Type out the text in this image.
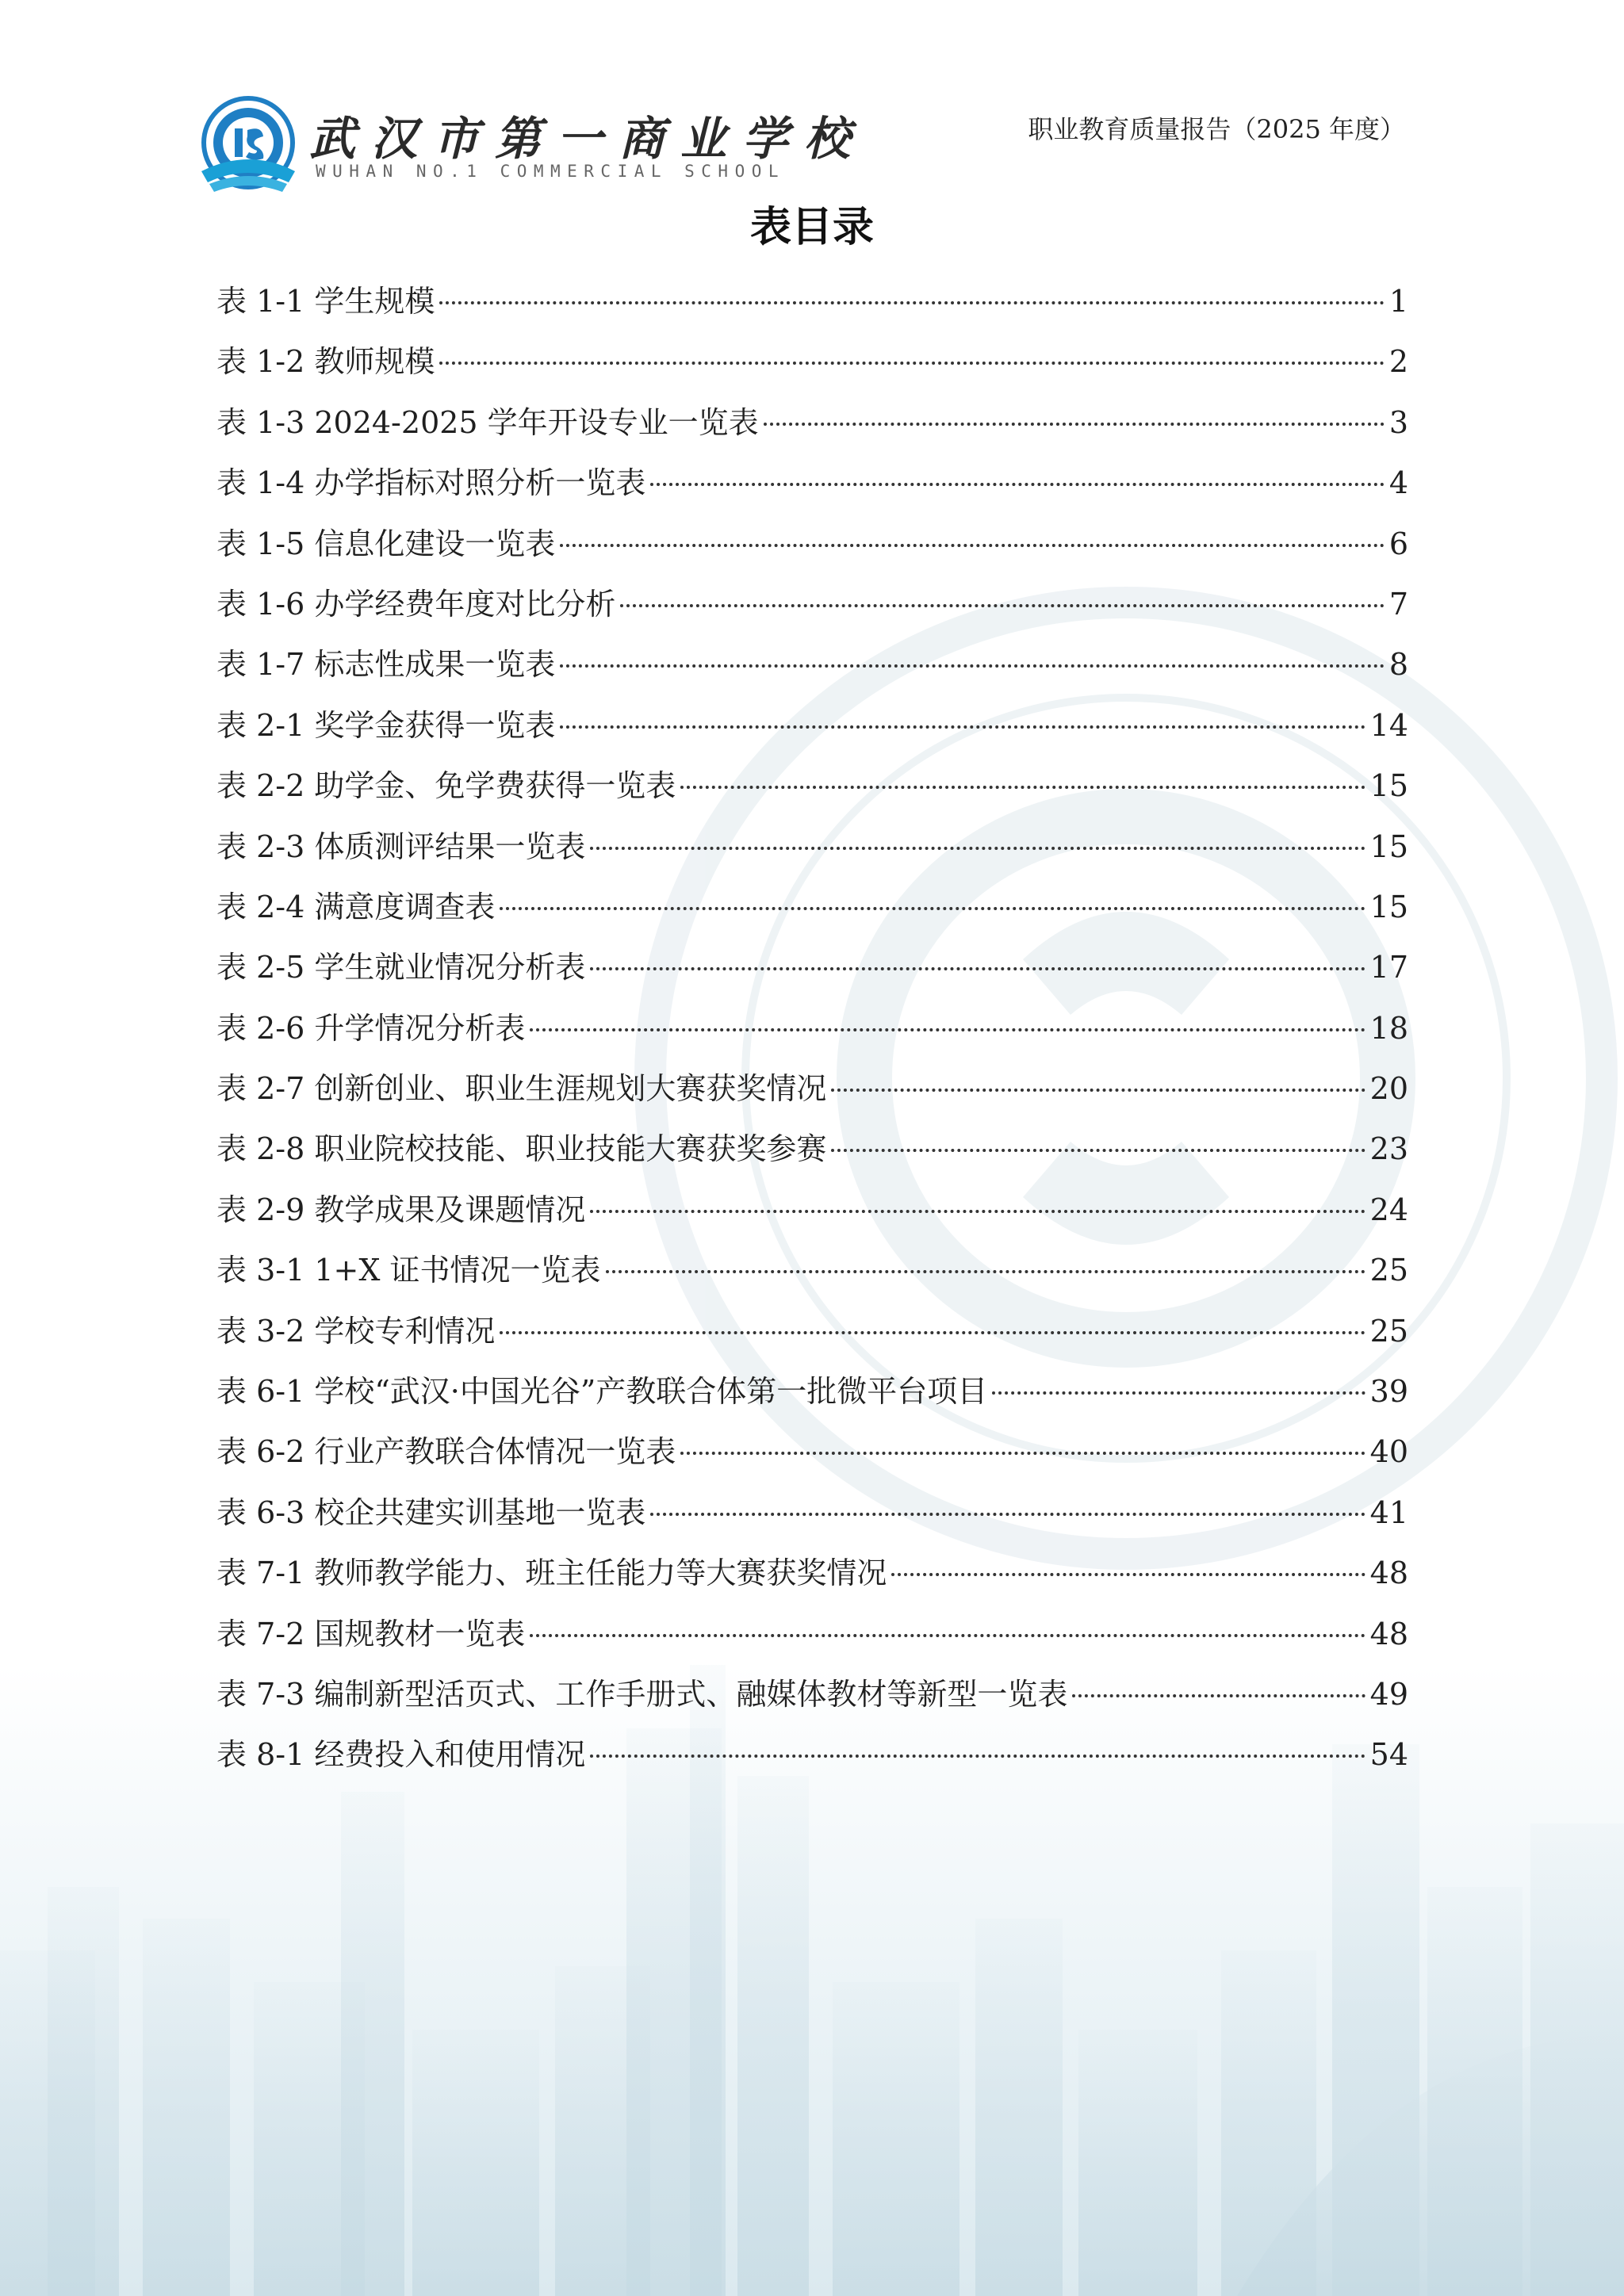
武汉市第一商业学校
WUHAN NO.1 COMMERCIAL SCHOOL
职业教育质量报告（2025 年度）
表目录
表 1-1 学生规模	1
表 1-2 教师规模	2
表 1-3 2024-2025 学年开设专业一览表	3
表 1-4 办学指标对照分析一览表	4
表 1-5 信息化建设一览表	6
表 1-6 办学经费年度对比分析	7
表 1-7 标志性成果一览表	8
表 2-1 奖学金获得一览表	14
表 2-2 助学金、免学费获得一览表	15
表 2-3 体质测评结果一览表	15
表 2-4 满意度调查表	15
表 2-5 学生就业情况分析表	17
表 2-6 升学情况分析表	18
表 2-7 创新创业、职业生涯规划大赛获奖情况	20
表 2-8 职业院校技能、职业技能大赛获奖参赛	23
表 2-9 教学成果及课题情况	24
表 3-1 1+X 证书情况一览表	25
表 3-2 学校专利情况	25
表 6-1 学校“武汉·中国光谷”产教联合体第一批微平台项目	39
表 6-2 行业产教联合体情况一览表	40
表 6-3 校企共建实训基地一览表	41
表 7-1 教师教学能力、班主任能力等大赛获奖情况	48
表 7-2 国规教材一览表	48
表 7-3 编制新型活页式、工作手册式、融媒体教材等新型一览表	49
表 8-1 经费投入和使用情况	54
